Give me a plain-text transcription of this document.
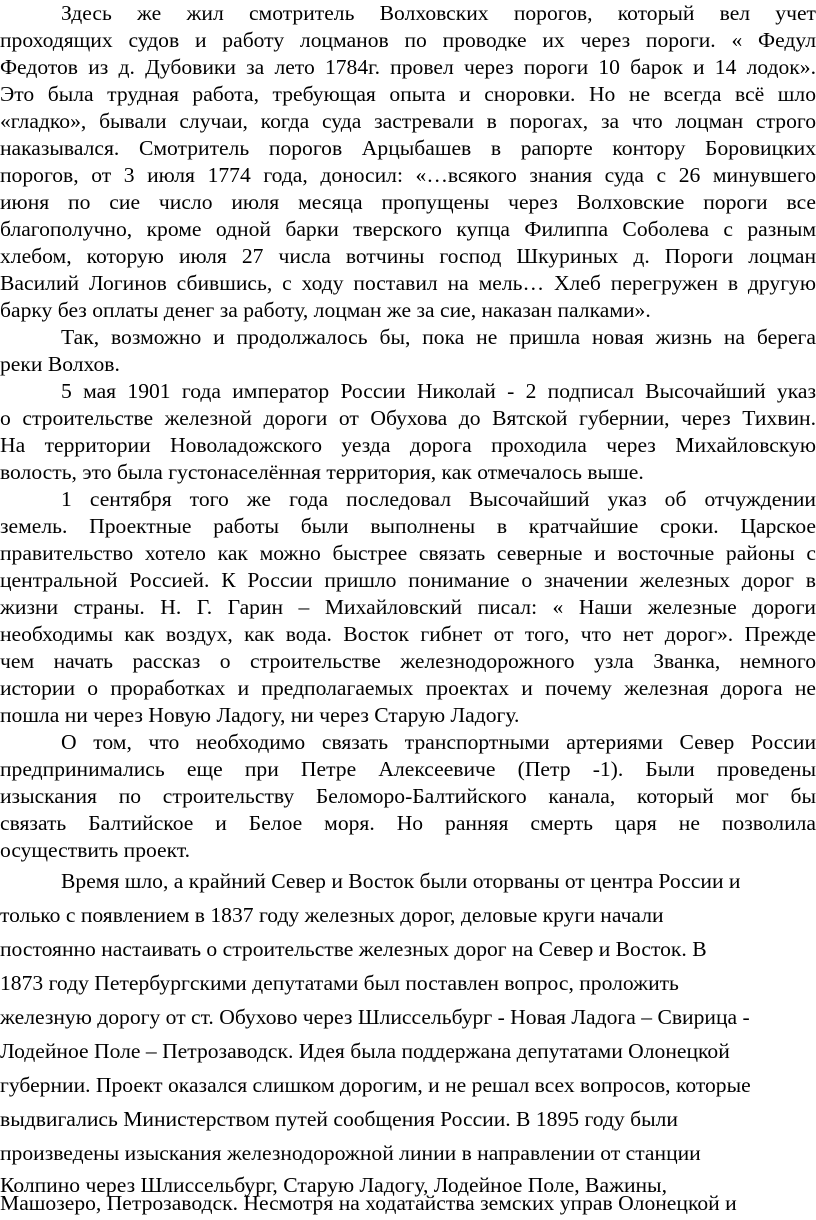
Здесь же жил смотритель Волховских порогов, который вел учет
проходящих судов и работу лоцманов по проводке их через пороги. « Федул
Федотов из д. Дубовики за лето 1784г. провел через пороги 10 барок и 14 лодок».
Это была трудная работа, требующая опыта и сноровки. Но не всегда всё шло
«гладко», бывали случаи, когда суда застревали в порогах, за что лоцман строго
наказывался. Смотритель порогов Арцыбашев в рапорте контору Боровицких
порогов, от 3 июля 1774 года, доносил: «…всякого знания суда с 26 минувшего
июня по сие число июля месяца пропущены через Волховские пороги все
благополучно, кроме одной барки тверского купца Филиппа Соболева с разным
хлебом, которую июля 27 числа вотчины господ Шкуриных д. Пороги лоцман
Василий Логинов сбившись, с ходу поставил на мель… Хлеб перегружен в другую
барку без оплаты денег за работу, лоцман же за сие, наказан палками».
Так, возможно и продолжалось бы, пока не пришла новая жизнь на берега
реки Волхов.
5 мая 1901 года император России Николай - 2 подписал Высочайший указ
о строительстве железной дороги от Обухова до Вятской губернии, через Тихвин.
На территории Новоладожского уезда дорога проходила через Михайловскую
волость, это была густонаселённая территория, как отмечалось выше.
1 сентября того же года последовал Высочайший указ об отчуждении
земель. Проектные работы были выполнены в кратчайшие сроки. Царское
правительство хотело как можно быстрее связать северные и восточные районы с
центральной Россией. К России пришло понимание о значении железных дорог в
жизни страны. Н. Г. Гарин – Михайловский писал: « Наши железные дороги
необходимы как воздух, как вода. Восток гибнет от того, что нет дорог». Прежде
чем начать рассказ о строительстве железнодорожного узла Званка, немного
истории о проработках и предполагаемых проектах и почему железная дорога не
пошла ни через Новую Ладогу, ни через Старую Ладогу.
О том, что необходимо связать транспортными артериями Север России
предпринимались еще при Петре Алексеевиче (Петр -1). Были проведены
изыскания по строительству Беломоро-Балтийского канала, который мог бы
связать Балтийское и Белое моря. Но ранняя смерть царя не позволила
осуществить проект.
Время шло, а крайний Север и Восток были оторваны от центра России и
только с появлением в 1837 году железных дорог, деловые круги начали
постоянно настаивать о строительстве железных дорог на Север и Восток. В
1873 году Петербургскими депутатами был поставлен вопрос, проложить
железную дорогу от ст. Обухово через Шлиссельбург - Новая Ладога – Свирица -
Лодейное Поле – Петрозаводск. Идея была поддержана депутатами Олонецкой
губернии. Проект оказался слишком дорогим, и не решал всех вопросов, которые
выдвигались Министерством путей сообщения России. В 1895 году были
произведены изыскания железнодорожной линии в направлении от станции
Колпино через Шлиссельбург, Старую Ладогу, Лодейное Поле, Важины,
Машозеро, Петрозаводск. Несмотря на ходатайства земских управ Олонецкой и
